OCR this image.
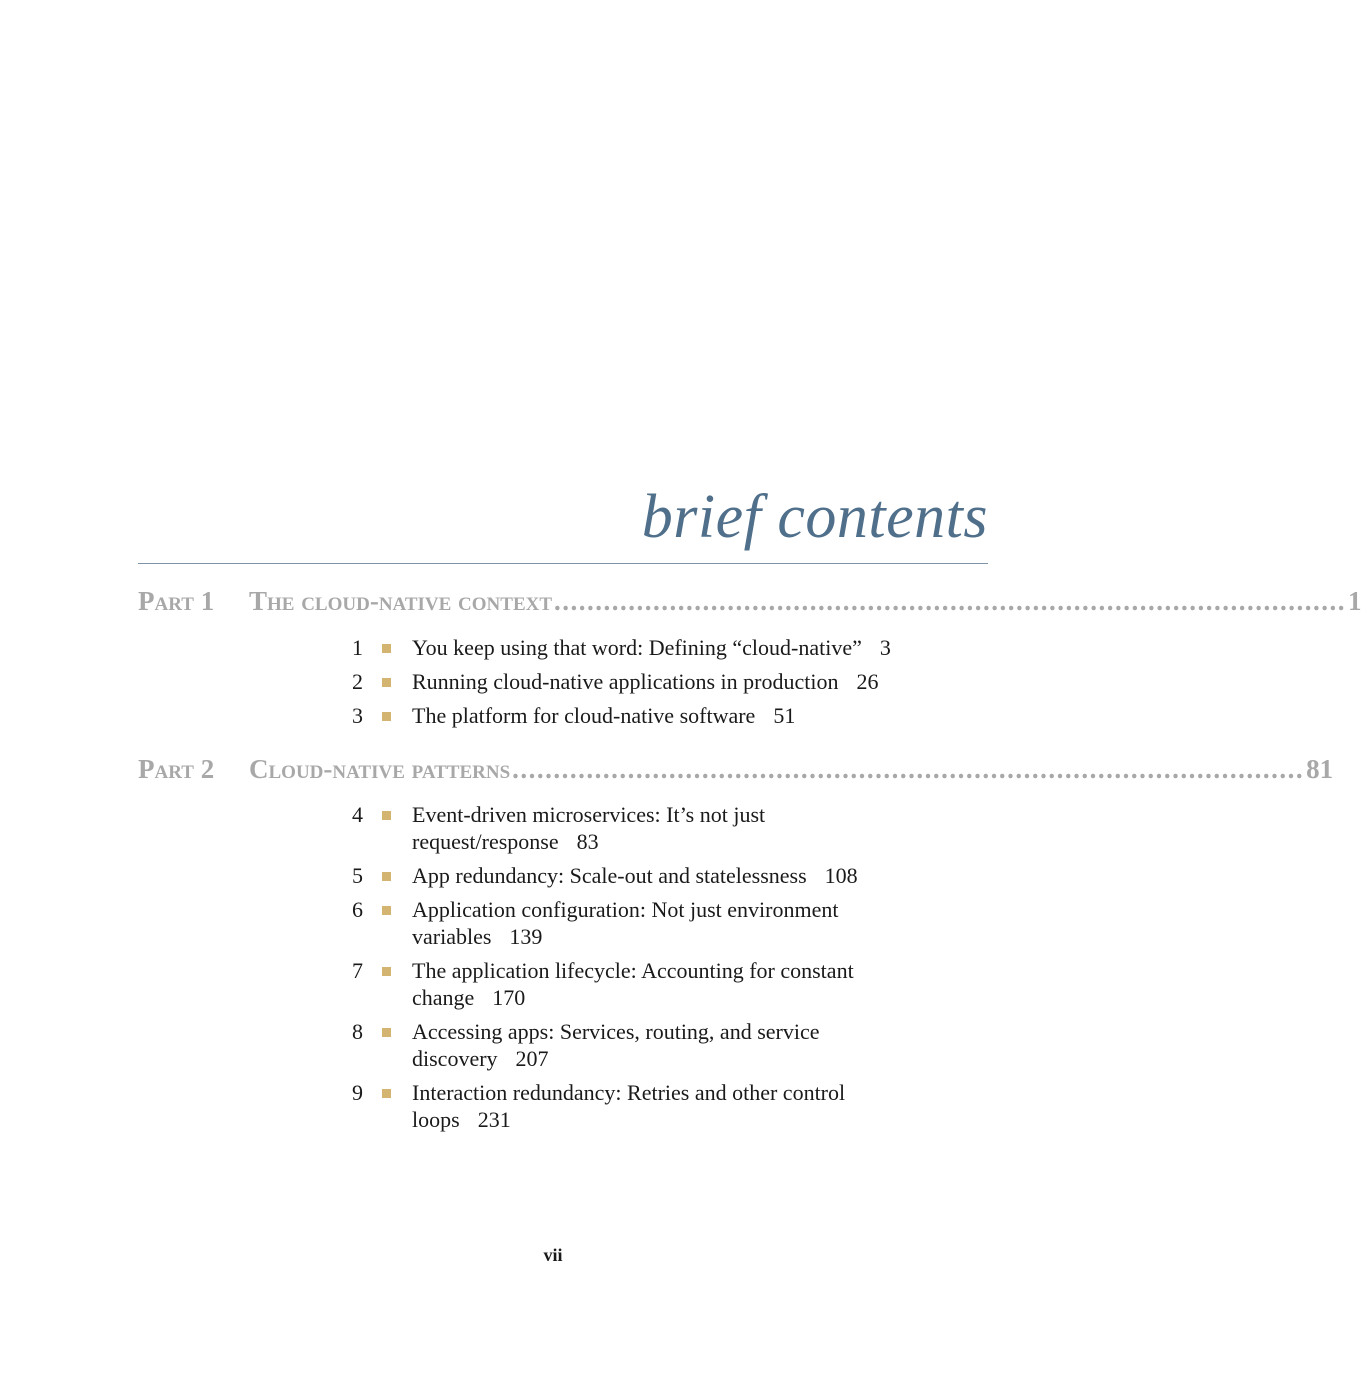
brief contents
Part 1	The cloud-native context ................................................................................................ 1
1 You keep using that word: Defining “cloud-native” 3
2 Running cloud-native applications in production 26
3 The platform for cloud-native software 51
Part 2	Cloud-native patterns ................................................................................................ 81
4 Event-driven microservices: It’s not just request/response 83
5 App redundancy: Scale-out and statelessness 108
6 Application configuration: Not just environment variables 139
7 The application lifecycle: Accounting for constant change 170
8 Accessing apps: Services, routing, and service discovery 207
9 Interaction redundancy: Retries and other control loops 231
vii
